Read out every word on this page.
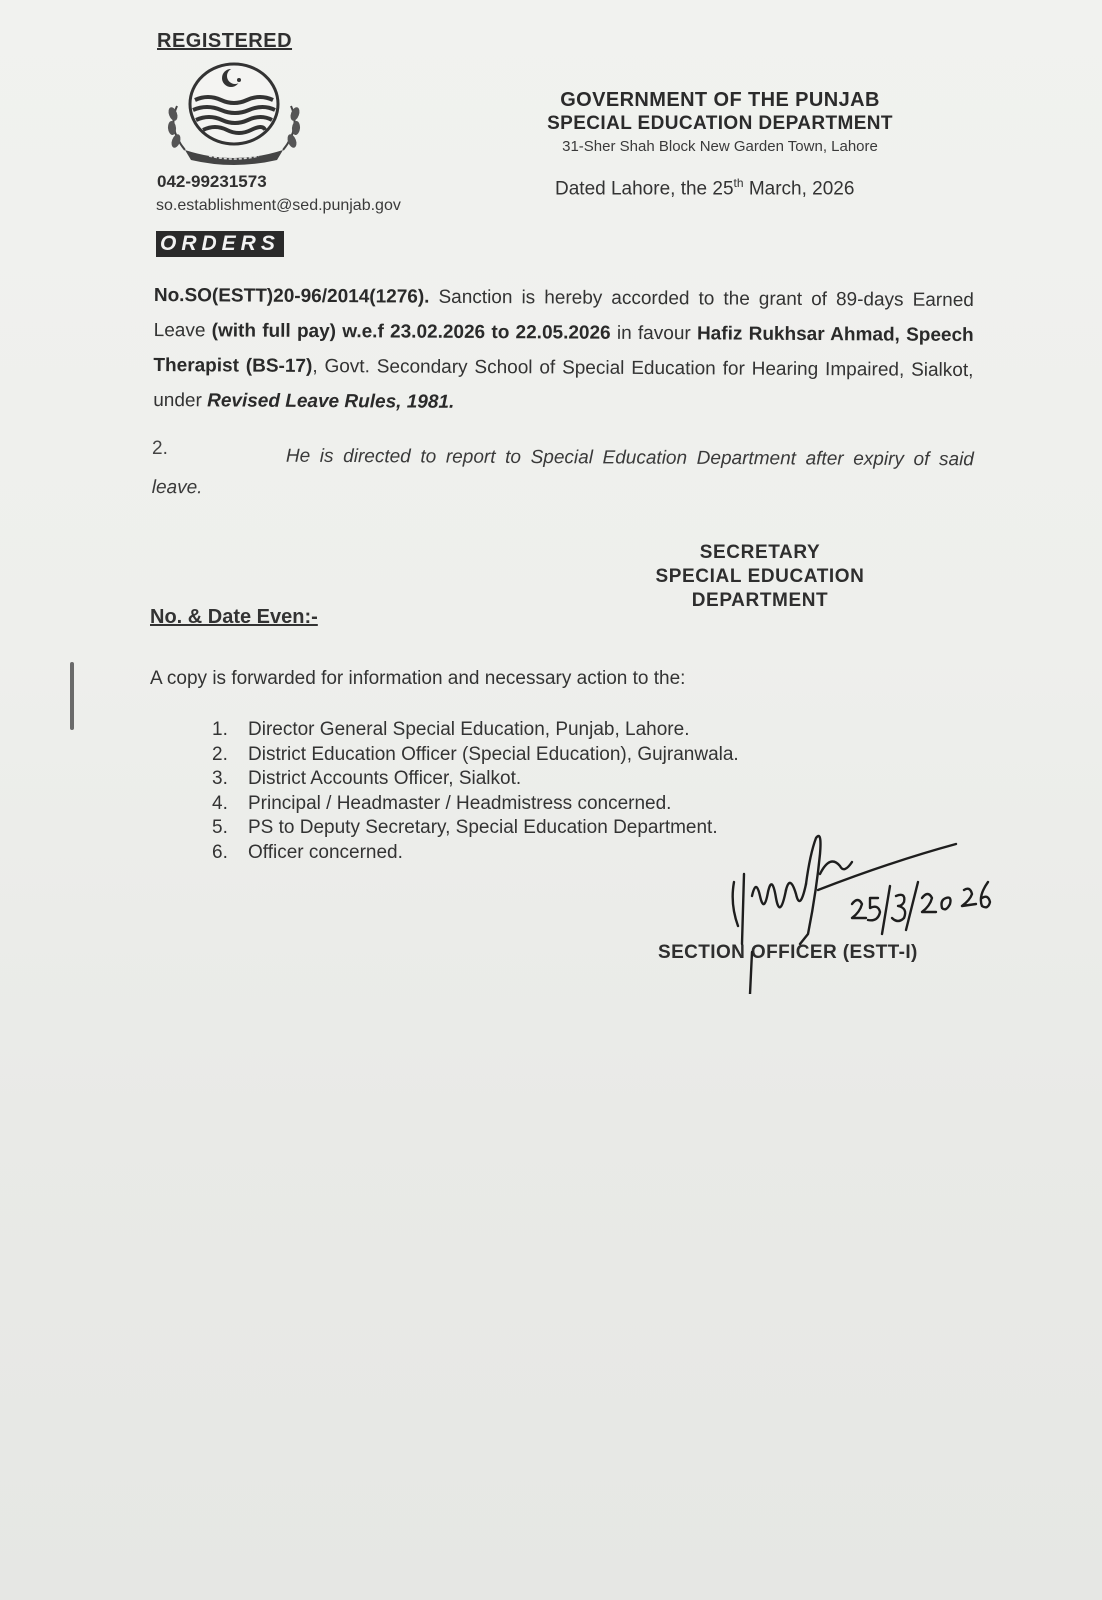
REGISTERED
042-99231573
so.establishment@sed.punjab.gov
GOVERNMENT OF THE PUNJAB
SPECIAL EDUCATION DEPARTMENT
31-Sher Shah Block New Garden Town, Lahore
Dated Lahore, the 25th March, 2026
ORDERS
No.SO(ESTT)20-96/2014(1276). Sanction is hereby accorded to the grant of 89-days Earned Leave (with full pay) w.e.f 23.02.2026 to 22.05.2026 in favour Hafiz Rukhsar Ahmad, Speech Therapist (BS-17), Govt. Secondary School of Special Education for Hearing Impaired, Sialkot, under Revised Leave Rules, 1981.
2.	He is directed to report to Special Education Department after expiry of said leave.
SECRETARY
SPECIAL EDUCATION
DEPARTMENT
No. & Date Even:-
A copy is forwarded for information and necessary action to the:
1. Director General Special Education, Punjab, Lahore.
2. District Education Officer (Special Education), Gujranwala.
3. District Accounts Officer, Sialkot.
4. Principal / Headmaster / Headmistress concerned.
5. PS to Deputy Secretary, Special Education Department.
6. Officer concerned.
SECTION OFFICER (ESTT-I)
